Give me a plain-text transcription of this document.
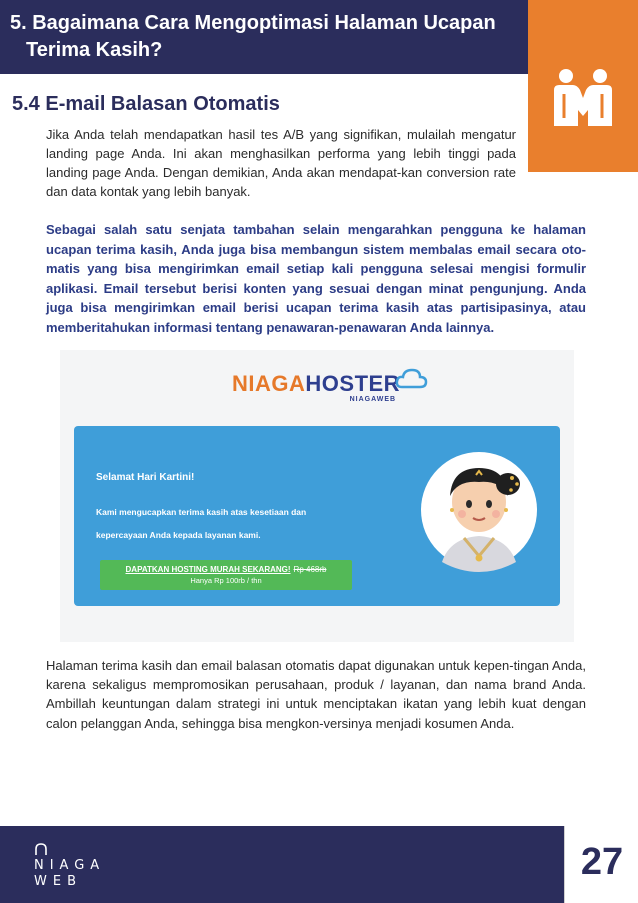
5. Bagaimana Cara Mengoptimasi Halaman Ucapan
Terima Kasih?
5.4 E-mail Balasan Otomatis

Jika Anda telah mendapatkan hasil tes A/B yang signifikan, mulailah mengatur landing page Anda. Ini akan menghasilkan performa yang lebih tinggi pada landing page Anda. Dengan demikian, Anda akan mendapat-kan conversion rate dan data kontak yang lebih banyak.

Sebagai salah satu senjata tambahan selain mengarahkan pengguna ke halaman ucapan terima kasih, Anda juga bisa membangun sistem membalas email secara oto-matis yang bisa mengirimkan email setiap kali pengguna selesai mengisi formulir aplikasi. Email tersebut berisi konten yang sesuai dengan minat pengunjung. Anda juga bisa mengirimkan email berisi ucapan terima kasih atas partisipasinya, atau memberitahukan informasi tentang penawaran-penawaran Anda lainnya.

NIAGAHOSTER
NIAGAWEB

Selamat Hari Kartini!

Kami mengucapkan terima kasih atas kesetiaan dan

kepercayaan Anda kepada layanan kami.

DAPATKAN HOSTING MURAH SEKARANG! Rp 468rb
Hanya Rp 100rb / thn

Halaman terima kasih dan email balasan otomatis dapat digunakan untuk kepen-tingan Anda, karena sekaligus mempromosikan perusahaan, produk / layanan, dan nama brand Anda. Ambillah keuntungan dalam strategi ini untuk menciptakan ikatan yang lebih kuat dengan calon pelanggan Anda, sehingga bisa mengkon-versinya menjadi kosumen Anda.

NIAGA
WEB	27
